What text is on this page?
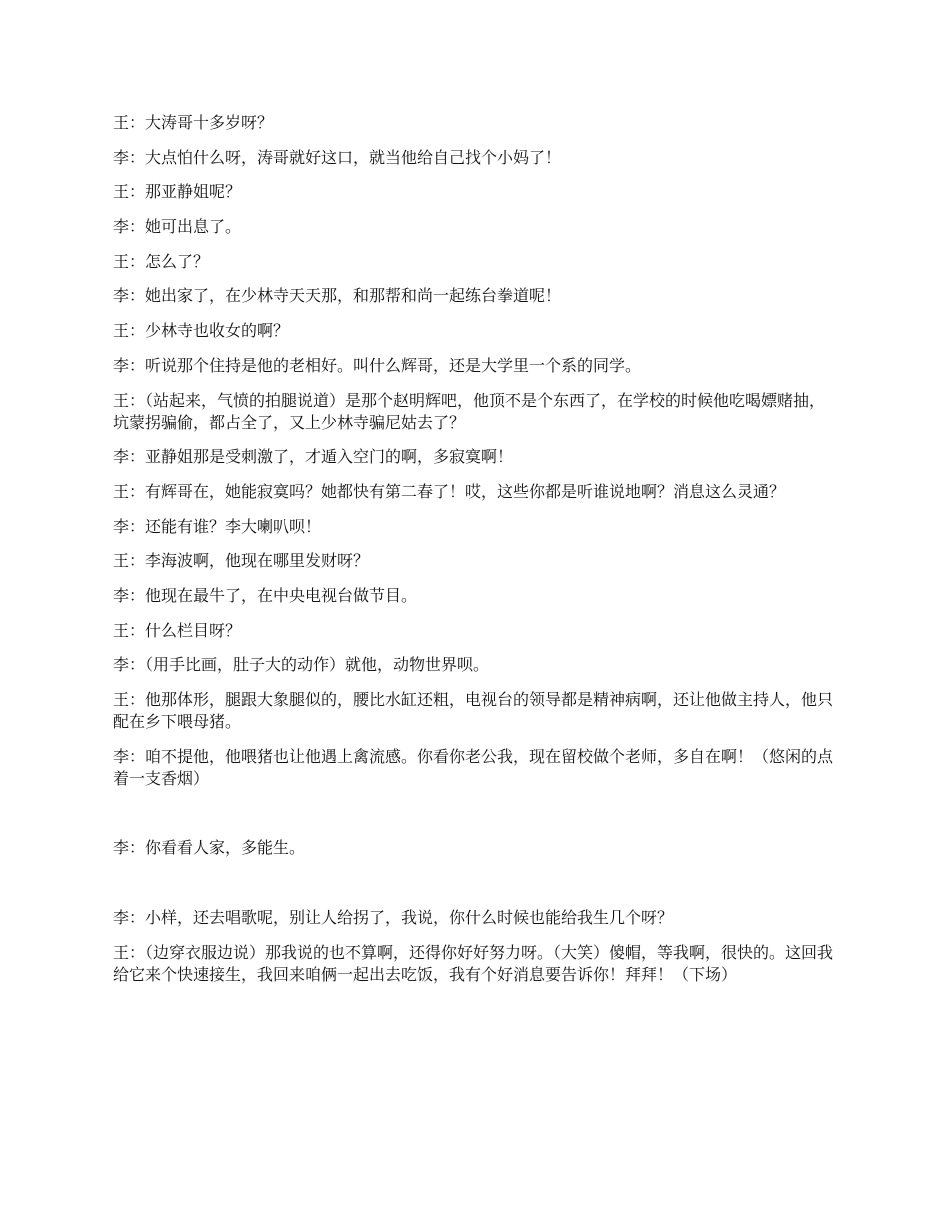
王：大涛哥十多岁呀？

李：大点怕什么呀，涛哥就好这口，就当他给自己找个小妈了！

王：那亚静姐呢？

李：她可出息了。

王：怎么了？

李：她出家了，在少林寺天天那，和那帮和尚一起练台拳道呢！

王：少林寺也收女的啊？

李：听说那个住持是他的老相好。叫什么辉哥，还是大学里一个系的同学。

王：（站起来，气愤的拍腿说道）是那个赵明辉吧，他顶不是个东西了，在学校的时候他吃喝嫖赌抽，坑蒙拐骗偷，都占全了，又上少林寺骗尼姑去了？

李：亚静姐那是受刺激了，才遁入空门的啊，多寂寞啊！

王：有辉哥在，她能寂寞吗？她都快有第二春了！哎，这些你都是听谁说地啊？消息这么灵通？

李：还能有谁？李大喇叭呗！

王：李海波啊，他现在哪里发财呀？

李：他现在最牛了，在中央电视台做节目。

王：什么栏目呀？

李：（用手比画，肚子大的动作）就他，动物世界呗。

王：他那体形，腿跟大象腿似的，腰比水缸还粗，电视台的领导都是精神病啊，还让他做主持人，他只配在乡下喂母猪。

李：咱不提他，他喂猪也让他遇上禽流感。你看你老公我，现在留校做个老师，多自在啊！（悠闲的点着一支香烟）

李：你看看人家，多能生。

李：小样，还去唱歌呢，别让人给拐了，我说，你什么时候也能给我生几个呀？

王：（边穿衣服边说）那我说的也不算啊，还得你好好努力呀。（大笑）傻帽，等我啊，很快的。这回我给它来个快速接生，我回来咱俩一起出去吃饭，我有个好消息要告诉你！拜拜！（下场）
